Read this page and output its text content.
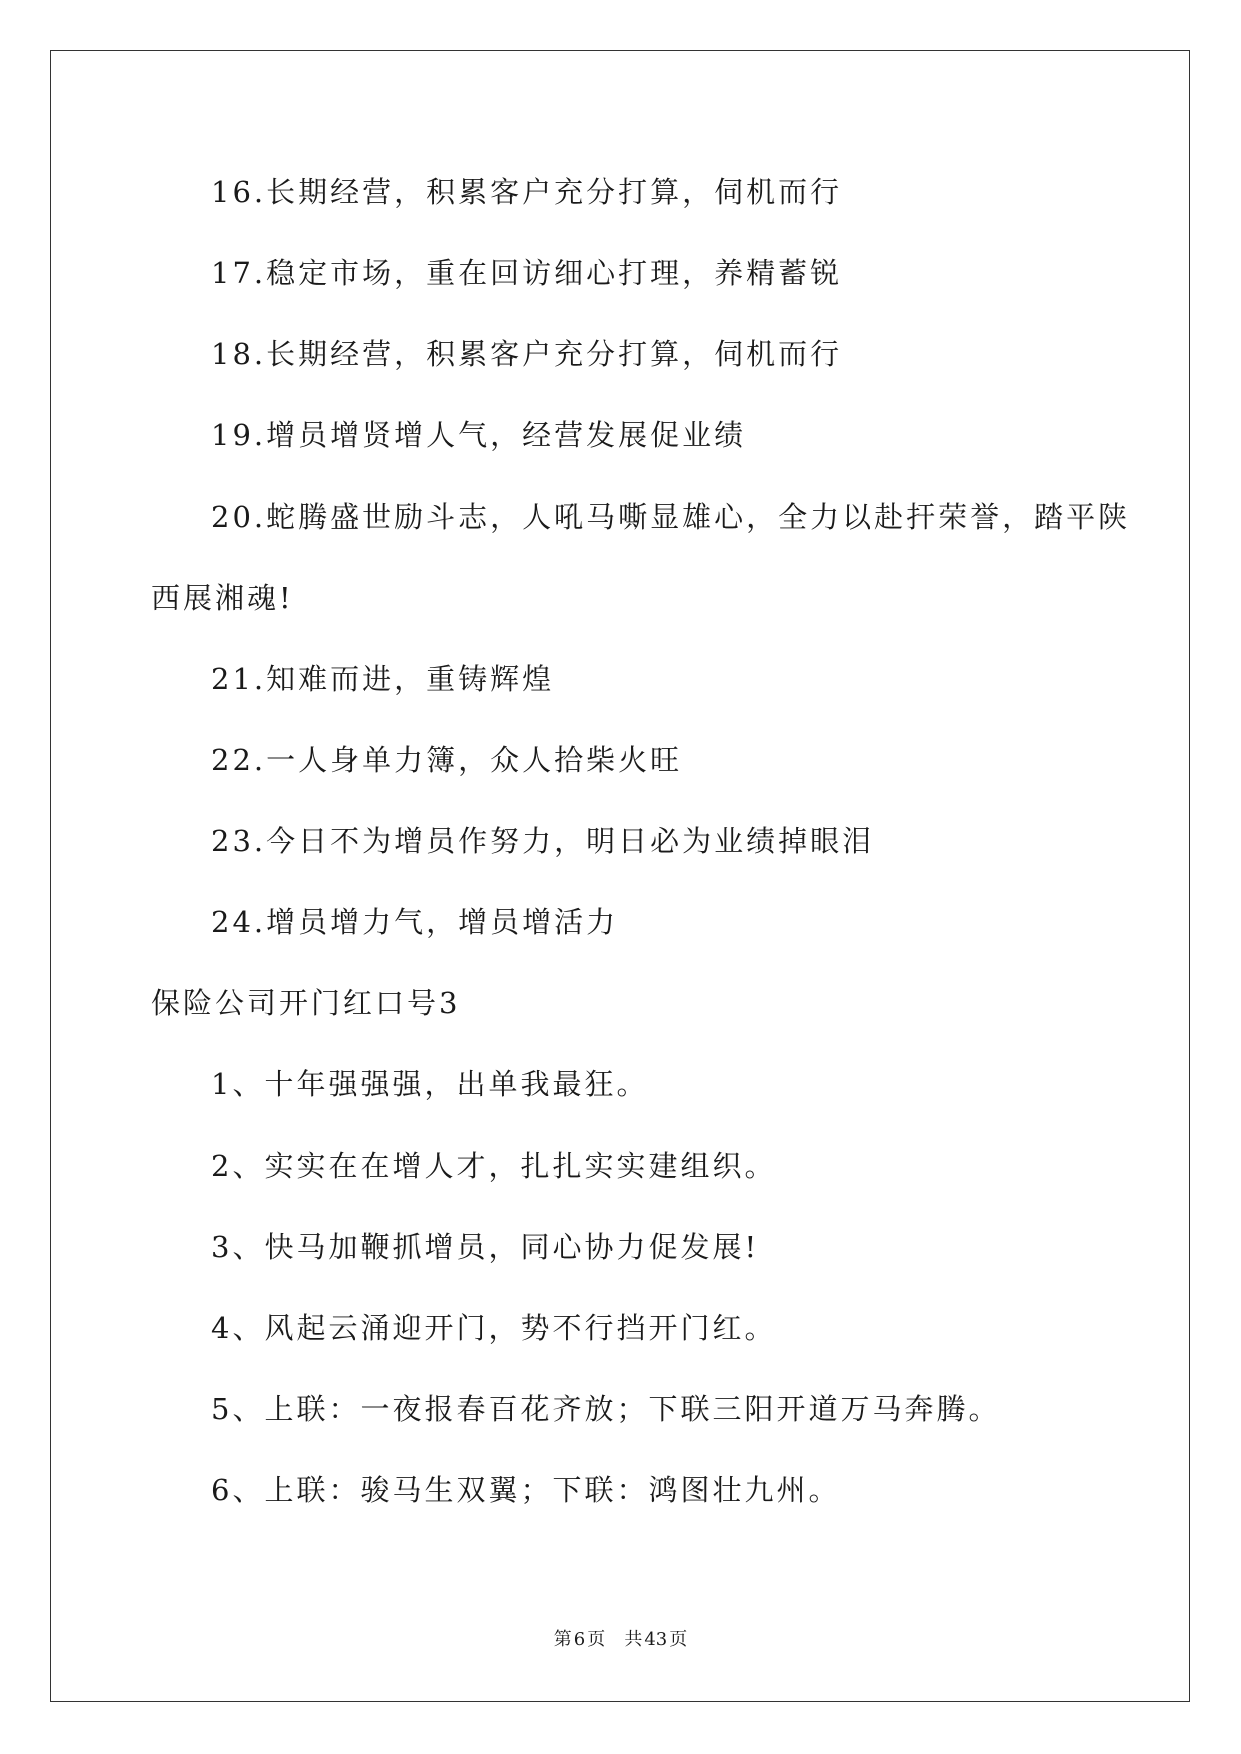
16.长期经营，积累客户充分打算，伺机而行
17.稳定市场，重在回访细心打理，养精蓄锐
18.长期经营，积累客户充分打算，伺机而行
19.增员增贤增人气，经营发展促业绩
20.蛇腾盛世励斗志，人吼马嘶显雄心，全力以赴扞荣誉，踏平陕
西展湘魂!
21.知难而进，重铸辉煌
22.一人身单力簿，众人拾柴火旺
23.今日不为增员作努力，明日必为业绩掉眼泪
24.增员增力气，增员增活力
保险公司开门红口号3
1、十年强强强，出单我最狂。
2、实实在在增人才，扎扎实实建组织。
3、快马加鞭抓增员，同心协力促发展!
4、风起云涌迎开门，势不行挡开门红。
5、上联：一夜报春百花齐放；下联三阳开道万马奔腾。
6、上联：骏马生双翼；下联：鸿图壮九州。
第 6 页 共 43 页
